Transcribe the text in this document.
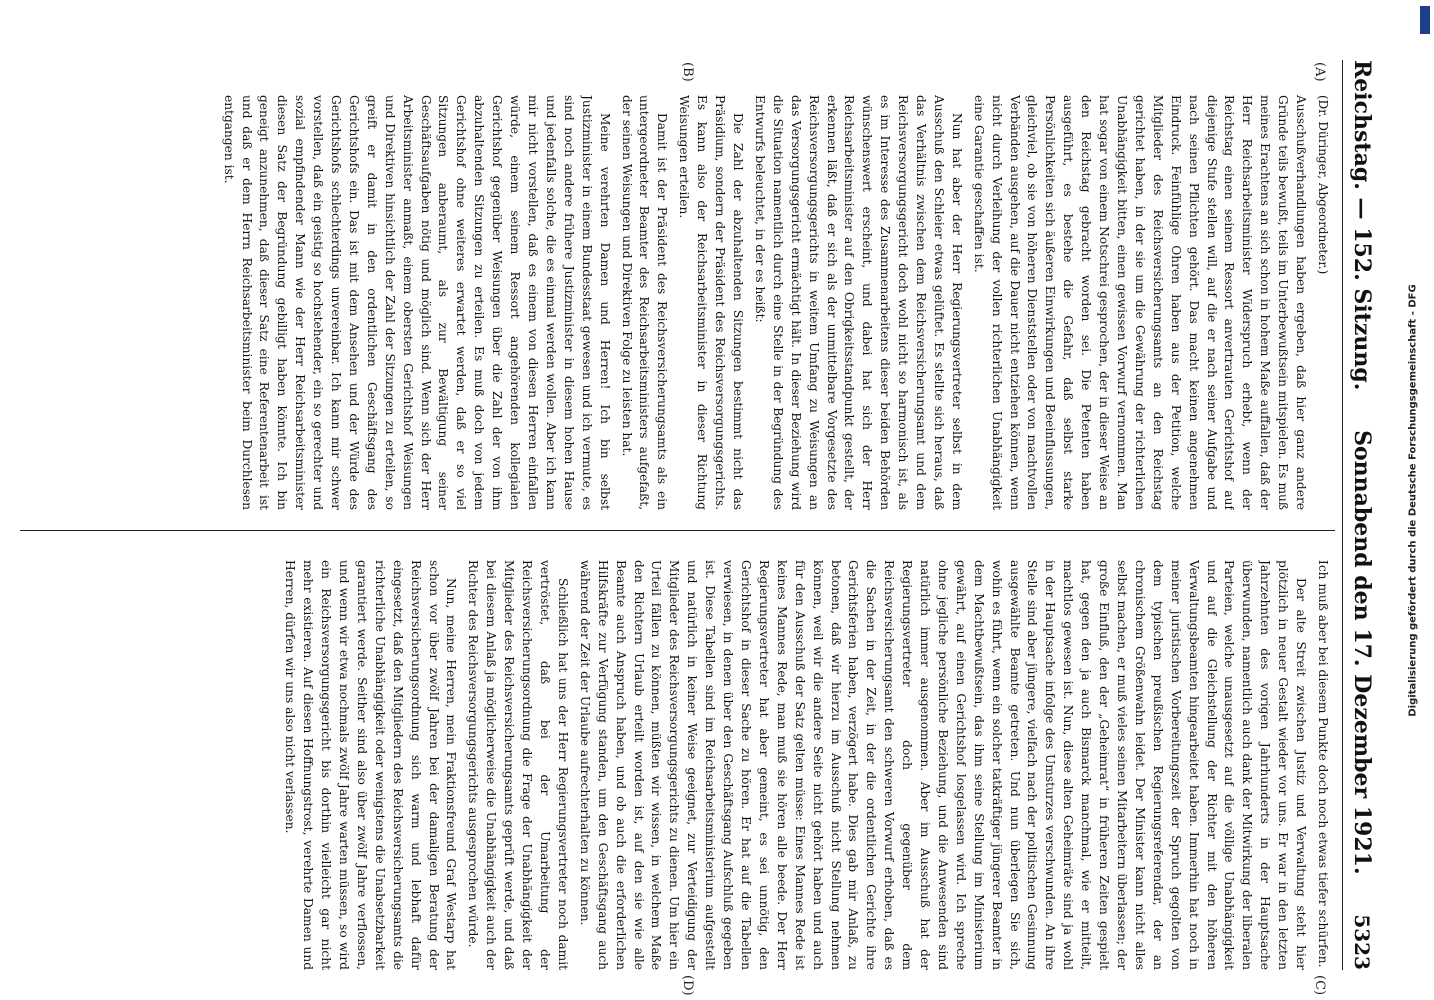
Reichstag. — 152. Sitzung.
Sonnabend den 17. Dezember 1921.
5323
(A)
(B)
(C)
(D)

(Dr. Düringer, Abgeordneter.)

Ausschußverhandlungen haben ergeben, daß hier ganz andere Gründe teils bewußt, teils im Unterbewußtsein mitspielen. Es muß meines Erachtens an sich schon in hohem Maße auffallen, daß der Herr Reichsarbeitsminister Widerspruch erhebt, wenn der Reichstag einen seinem Ressort anvertrauten Gerichtshof auf diejenige Stufe stellen will, auf die er nach seiner Aufgabe und nach seinen Pflichten gehört. Das macht keinen angenehmen Eindruck. Feinfühlige Ohren haben aus der Petition, welche Mitglieder des Reichsversicherungsamts an den Reichstag gerichtet haben, in der sie um die Gewährung der richterlichen Unabhängigkeit bitten, einen gewissen Vorwurf vernommen. Man hat sogar von einem Notschrei gesprochen, der in dieser Weise an den Reichstag gebracht worden sei. Die Petenten haben ausgeführt, es bestehe die Gefahr, daß selbst starke Persönlichkeiten sich äußeren Einwirkungen und Beeinflussungen, gleichviel, ob sie von höheren Dienststellen oder von machtvollen Verbänden ausgehen, auf die Dauer nicht entziehen können, wenn nicht durch Verleihung der vollen richterlichen Unabhängigkeit eine Garantie geschaffen ist.

Nun hat aber der Herr Regierungsvertreter selbst in dem Ausschuß den Schleier etwas gelüftet. Es stellte sich heraus, daß das Verhältnis zwischen dem Reichsversicherungsamt und dem Reichsversorgungsgericht doch wohl nicht so harmonisch ist, als es im Interesse des Zusammenarbeitens dieser beiden Behörden wünschenswert erscheint, und dabei hat sich der Herr Reichsarbeitsminister auf den Obrigkeitsstandpunkt gestellt, der erkennen läßt, daß er sich als der unmittelbare Vorgesetzte des Reichsversorgungsgerichts in weitem Umfang zu Weisungen an das Versorgungsgericht ermächtigt hält. In dieser Beziehung wird die Situation namentlich durch eine Stelle in der Begründung des Entwurfs beleuchtet, in der es heißt:

Die Zahl der abzuhaltenden Sitzungen bestimmt nicht das Präsidium, sondern der Präsident des Reichsversorgungsgerichts. Es kann also der Reichsarbeitsminister in dieser Richtung Weisungen erteilen.

Damit ist der Präsident des Reichsversicherungsamts als ein untergeordneter Beamter des Reichsarbeitsministers aufgefaßt, der seinen Weisungen und Direktiven Folge zu leisten hat.

Meine verehrten Damen und Herren! Ich bin selbst Justizminister in einem Bundesstaat gewesen und ich vermute, es sind noch andere frühere Justizminister in diesem hohen Hause und jedenfalls solche, die es einmal werden wollen. Aber ich kann mir nicht vorstellen, daß es einem von diesen Herren einfallen würde, einem seinem Ressort angehörenden kollegialen Gerichtshof gegenüber Weisungen über die Zahl der von ihm abzuhaltenden Sitzungen zu erteilen. Es muß doch von jedem Gerichtshof ohne weiteres erwartet werden, daß er so viel Sitzungen anberaumt, als zur Bewältigung seiner Geschäftsaufgaben nötig und möglich sind. Wenn sich der Herr Arbeitsminister anmaßt, einem obersten Gerichtshof Weisungen und Direktiven hinsichtlich der Zahl der Sitzungen zu erteilen, so greift er damit in den ordentlichen Geschäftsgang des Gerichtshofs ein. Das ist mit dem Ansehen und der Würde des Gerichtshofs schlechterdings unvereinbar. Ich kann mir schwer vorstellen, daß ein geistig so hochstehender, ein so gerechter und sozial empfindender Mann wie der Herr Reichsarbeitsminister diesen Satz der Begründung gebilligt haben könnte. Ich bin geneigt anzunehmen, daß dieser Satz eine Referentenarbeit ist und daß er dem Herrn Reichsarbeitsminister beim Durchlesen entgangen ist.

Ich muß aber bei diesem Punkte doch noch etwas tiefer schürfen.

Der alte Streit zwischen Justiz und Verwaltung steht hier plötzlich in neuer Gestalt wieder vor uns. Er war in den letzten Jahrzehnten des vorigen Jahrhunderts in der Hauptsache überwunden, namentlich auch dank der Mitwirkung der liberalen Parteien, welche unausgesetzt auf die völlige Unabhängigkeit und auf die Gleichstellung der Richter mit den höheren Verwaltungsbeamten hingearbeitet haben. Immerhin hat noch in meiner juristischen Vorbereitungszeit der Spruch gegolten von dem typischen preußischen Regierungsreferendar, der an chronischem Größenwahn leidet. Der Minister kann nicht alles selbst machen, er muß vieles seinen Mitarbeitern überlassen; der große Einfluß, den der „Geheimrat“ in früheren Zeiten gespielt hat, gegen den ja auch Bismarck manchmal, wie er mitteilt, machtlos gewesen ist. Nun, diese alten Geheimräte sind ja wohl in der Hauptsache infolge des Umsturzes verschwunden. An ihre Stelle sind aber jüngere, vielfach nach der politischen Gesinnung ausgewählte Beamte getreten. Und nun überlegen Sie sich, wohin es führt, wenn ein solcher tatkräftiger jüngerer Beamter in dem Machtbewußtsein, das ihm seine Stellung im Ministerium gewährt, auf einen Gerichtshof losgelassen wird. Ich spreche ohne jegliche persönliche Beziehung, und die Anwesenden sind natürlich immer ausgenommen. Aber im Ausschuß hat der Regierungsvertreter doch gegenüber dem Reichsversicherungsamt den schweren Vorwurf erhoben, daß es die Sachen in der Zeit, in der die ordentlichen Gerichte ihre Gerichtsferien haben, verzögert habe. Dies gab mir Anlaß, zu betonen, daß wir hierzu im Ausschuß nicht Stellung nehmen können, weil wir die andere Seite nicht gehört haben und auch für den Ausschuß der Satz gelten müsse: Eines Mannes Rede ist keines Mannes Rede, man muß sie hören alle beede. Der Herr Regierungsvertreter hat aber gemeint, es sei unnötig, den Gerichtshof in dieser Sache zu hören. Er hat auf die Tabellen verwiesen, in denen über den Geschäftsgang Aufschluß gegeben ist. Diese Tabellen sind im Reichsarbeitsministerium aufgestellt und natürlich in keiner Weise geeignet, zur Verteidigung der Mitglieder des Reichsversorgungsgerichts zu dienen. Um hier ein Urteil fällen zu können, müßten wir wissen, in welchem Maße den Richtern Urlaub erteilt worden ist, auf den sie wie alle Beamte auch Anspruch haben, und ob auch die erforderlichen Hilfskräfte zur Verfügung standen, um den Geschäftsgang auch während der Zeit der Urlaube aufrechterhalten zu können.

Schließlich hat uns der Herr Regierungsvertreter noch damit vertröstet, daß bei der Umarbeitung der Reichsversicherungsordnung die Frage der Unabhängigkeit der Mitglieder des Reichsversicherungsamts geprüft werde, und daß bei diesem Anlaß ja möglicherweise die Unabhängigkeit auch der Richter des Reichsversorgungsgerichts ausgesprochen würde.

Nun, meine Herren, mein Fraktionsfreund Graf Westarp hat schon vor über zwölf Jahren bei der damaligen Beratung der Reichsversicherungsordnung sich warm und lebhaft dafür eingesetzt, daß den Mitgliedern des Reichsversicherungsamts die richterliche Unabhängigkeit oder wenigstens die Unabsetzbarkeit garantiert werde. Seither sind also über zwölf Jahre verflossen, und wenn wir etwa nochmals zwölf Jahre warten müssen, so wird ein Reichsversorgungsgericht bis dorthin vielleicht gar nicht mehr existieren. Auf diesen Hoffnungstrost, verehrte Damen und Herren, dürfen wir uns also nicht verlassen.	Digitalisierung gefördert durch die Deutsche Forschungsgemeinschaft - DFG
